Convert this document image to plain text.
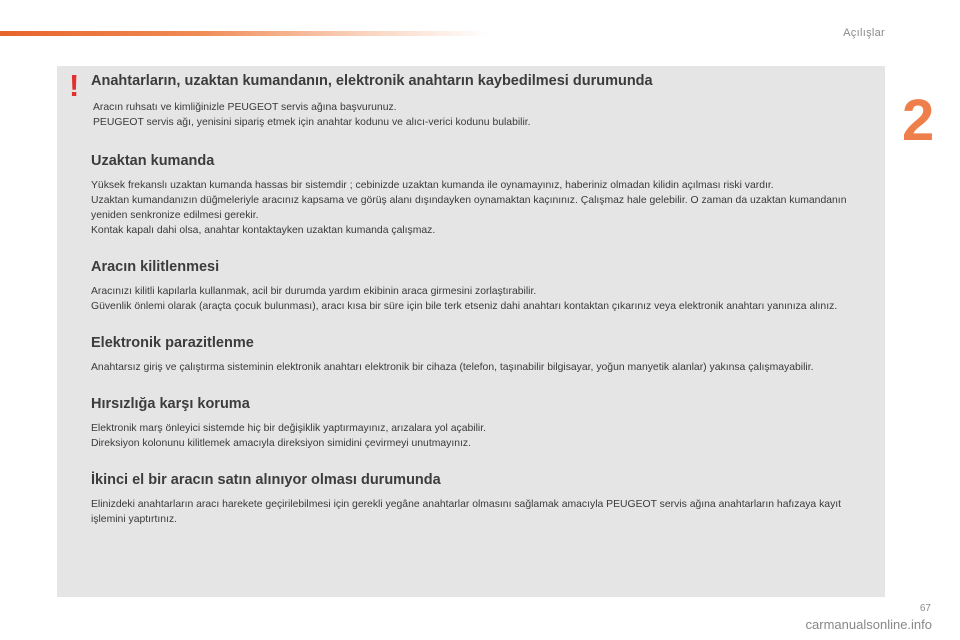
Açılışlar
2
! Anahtarların, uzaktan kumandanın, elektronik anahtarın kaybedilmesi durumunda

Aracın ruhsatı ve kimliğinizle PEUGEOT servis ağına başvurunuz.
PEUGEOT servis ağı, yenisini sipariş etmek için anahtar kodunu ve alıcı-verici kodunu bulabilir.

Uzaktan kumanda

Yüksek frekanslı uzaktan kumanda hassas bir sistemdir ; cebinizde uzaktan kumanda ile oynamayınız, haberiniz olmadan kilidin açılması riski vardır.
Uzaktan kumandanızın düğmeleriyle aracınız kapsama ve görüş alanı dışındayken oynamaktan kaçınınız. Çalışmaz hale gelebilir. O zaman da uzaktan kumandanın yeniden senkronize edilmesi gerekir.
Kontak kapalı dahi olsa, anahtar kontaktayken uzaktan kumanda çalışmaz.

Aracın kilitlenmesi

Aracınızı kilitli kapılarla kullanmak, acil bir durumda yardım ekibinin araca girmesini zorlaştırabilir.
Güvenlik önlemi olarak (araçta çocuk bulunması), aracı kısa bir süre için bile terk etseniz dahi anahtarı kontaktan çıkarınız veya elektronik anahtarı yanınıza alınız.

Elektronik parazitlenme

Anahtarsız giriş ve çalıştırma sisteminin elektronik anahtarı elektronik bir cihaza (telefon, taşınabilir bilgisayar, yoğun manyetik alanlar) yakınsa çalışmayabilir.

Hırsızlığa karşı koruma

Elektronik marş önleyici sistemde hiç bir değişiklik yaptırmayınız, arızalara yol açabilir.
Direksiyon kolonunu kilitlemek amacıyla direksiyon simidini çevirmeyi unutmayınız.

İkinci el bir aracın satın alınıyor olması durumunda

Elinizdeki anahtarların aracı harekete geçirilebilmesi için gerekli yegâne anahtarlar olmasını sağlamak amacıyla PEUGEOT servis ağına anahtarların hafızaya kayıt işlemini yaptırtınız.

67
carmanualsonline.info
